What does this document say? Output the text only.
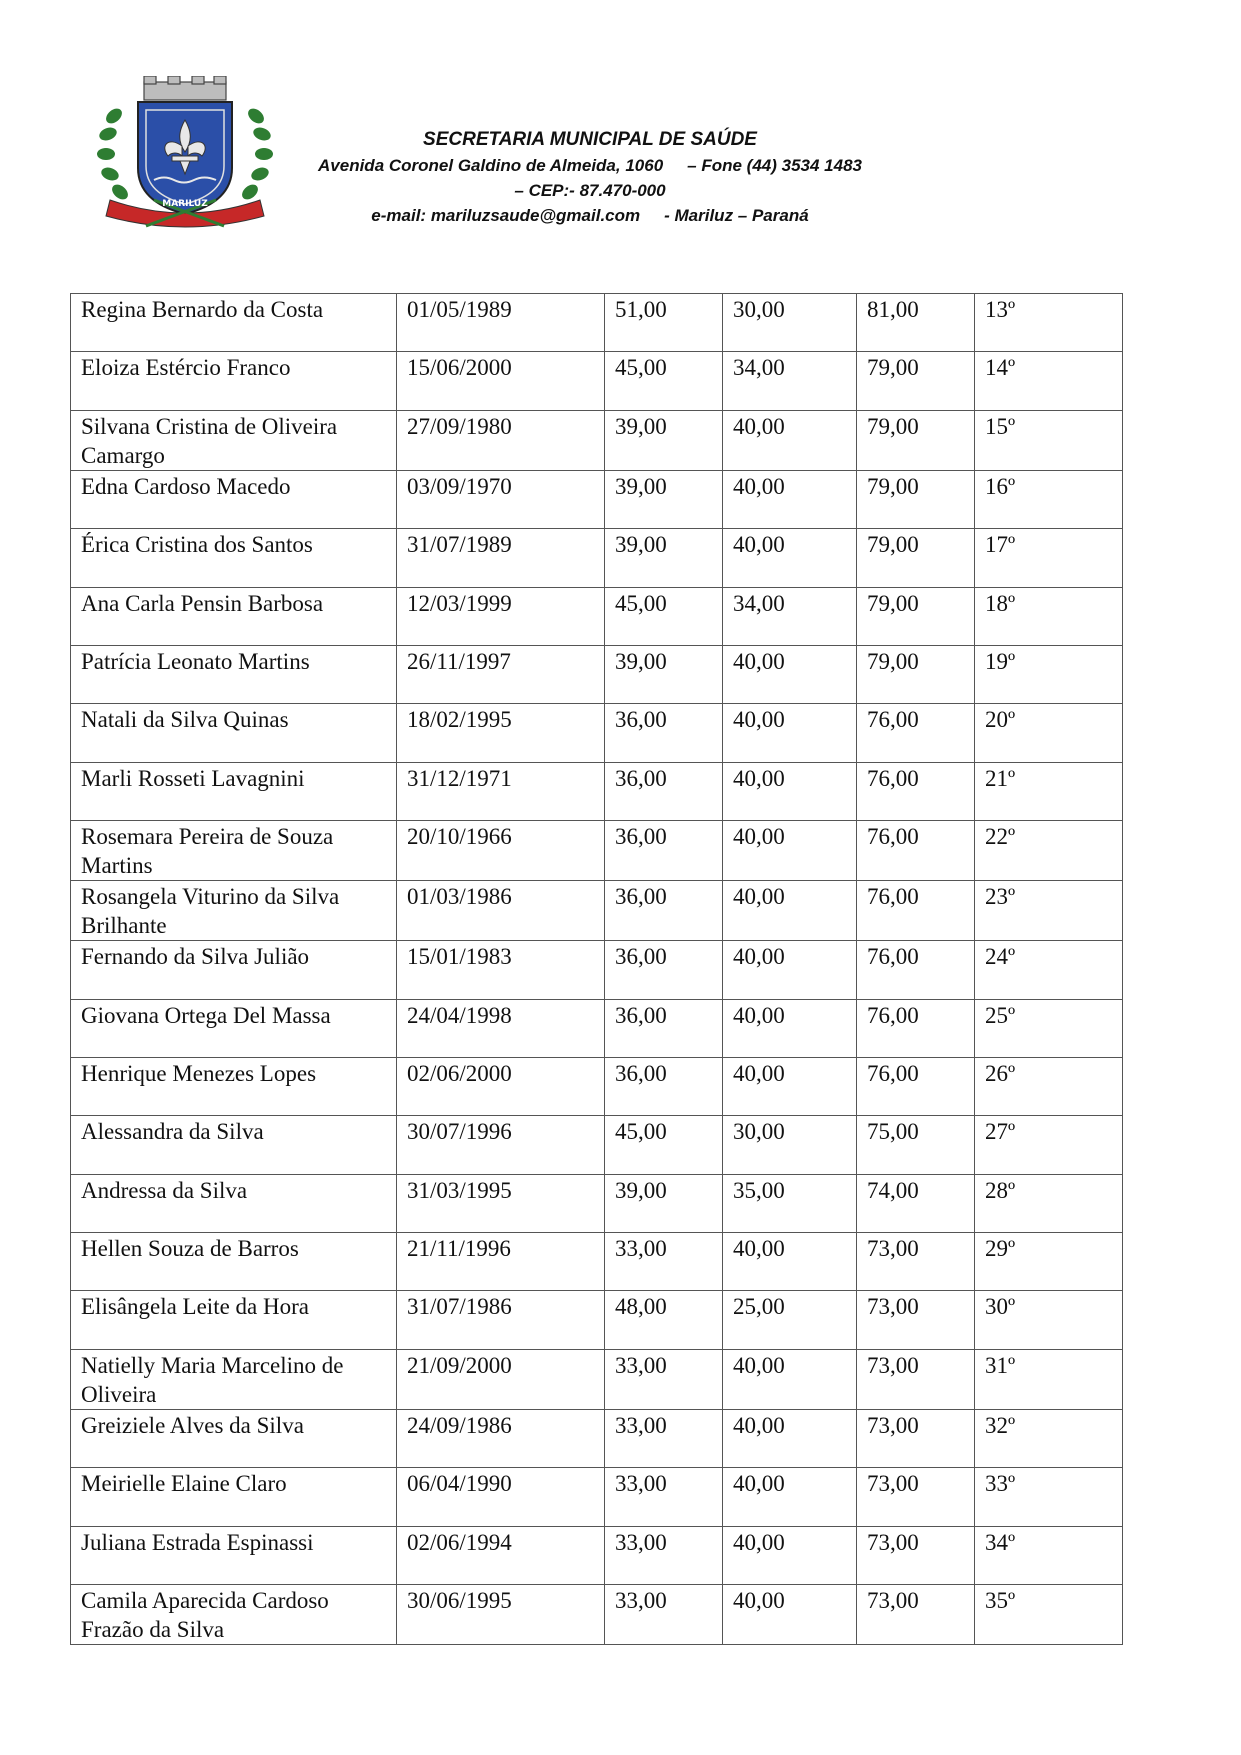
MARILUZ
SECRETARIA MUNICIPAL DE SAÚDE
Avenida Coronel Galdino de Almeida, 1060 – Fone (44) 3534 1483
– CEP:- 87.470-000
e-mail: mariluzsaude@gmail.com - Mariluz – Paraná
Regina Bernardo da Costa	01/05/1989	51,00	30,00	81,00	13º
Eloiza Estércio Franco	15/06/2000	45,00	34,00	79,00	14º
Silvana Cristina de Oliveira Camargo	27/09/1980	39,00	40,00	79,00	15º
Edna Cardoso Macedo	03/09/1970	39,00	40,00	79,00	16º
Érica Cristina dos Santos	31/07/1989	39,00	40,00	79,00	17º
Ana Carla Pensin Barbosa	12/03/1999	45,00	34,00	79,00	18º
Patrícia Leonato Martins	26/11/1997	39,00	40,00	79,00	19º
Natali da Silva Quinas	18/02/1995	36,00	40,00	76,00	20º
Marli Rosseti Lavagnini	31/12/1971	36,00	40,00	76,00	21º
Rosemara Pereira de Souza Martins	20/10/1966	36,00	40,00	76,00	22º
Rosangela Viturino da Silva Brilhante	01/03/1986	36,00	40,00	76,00	23º
Fernando da Silva Julião	15/01/1983	36,00	40,00	76,00	24º
Giovana Ortega Del Massa	24/04/1998	36,00	40,00	76,00	25º
Henrique Menezes Lopes	02/06/2000	36,00	40,00	76,00	26º
Alessandra da Silva	30/07/1996	45,00	30,00	75,00	27º
Andressa da Silva	31/03/1995	39,00	35,00	74,00	28º
Hellen Souza de Barros	21/11/1996	33,00	40,00	73,00	29º
Elisângela Leite da Hora	31/07/1986	48,00	25,00	73,00	30º
Natielly Maria Marcelino de Oliveira	21/09/2000	33,00	40,00	73,00	31º
Greiziele Alves da Silva	24/09/1986	33,00	40,00	73,00	32º
Meirielle Elaine Claro	06/04/1990	33,00	40,00	73,00	33º
Juliana Estrada Espinassi	02/06/1994	33,00	40,00	73,00	34º
Camila Aparecida Cardoso Frazão da Silva	30/06/1995	33,00	40,00	73,00	35º
